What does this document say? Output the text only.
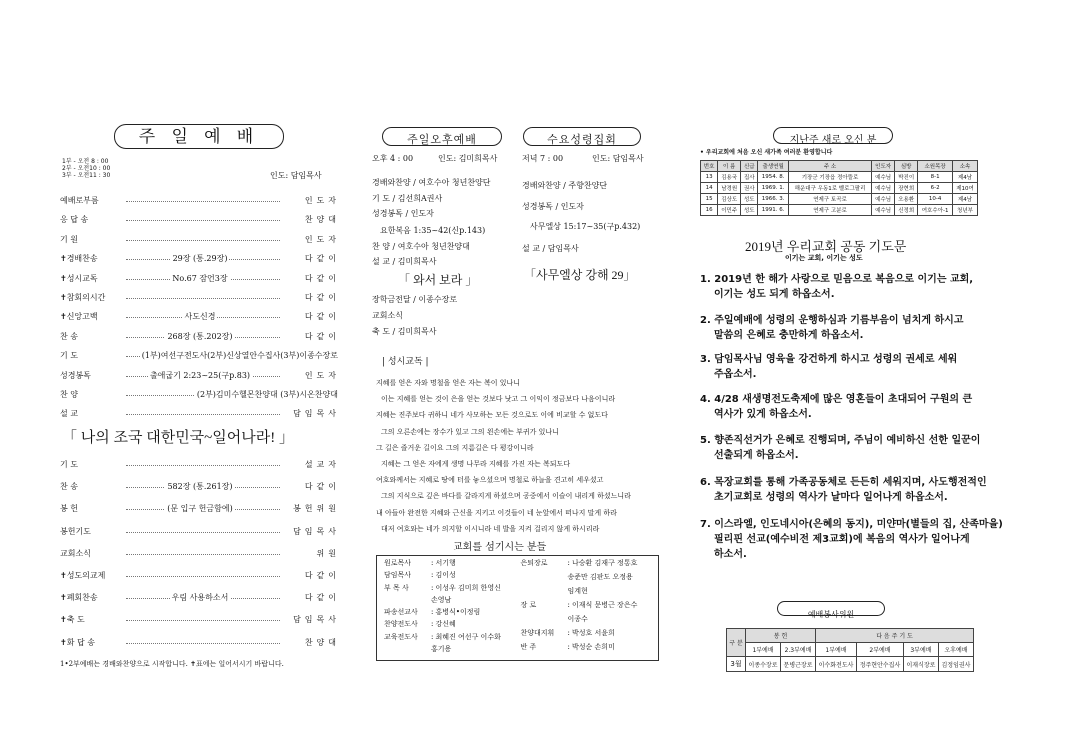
주 일 예 배
1부 - 오전 8 : 00
2부 - 오전10 : 00
3부 - 오전11 : 30	인도: 담임목사
예배로부름	인도자
응 답 송	찬양대
기 원	인도자
✝경배찬송	29장 (통.29장)	다같이
✝성시교독	No.67 잠언3장	다같이
✝참회의시간	다같이
✝신앙고백	사도신경	다같이
찬 송	268장 (통.202장)	다같이
기 도	(1부)여선구전도사(2부)신상열안수집사(3부)이종수장로
성경봉독	출애굽기 2:23~25(구p.83)	인도자
찬 양	(2부)김미수헬몬찬양대 (3부)시온찬양대
설 교	담임목사
「 나의 조국 대한민국~일어나라! 」
기 도	설교자
찬 송	582장 (통.261장)	다같이
봉 헌	(문 입구 헌금함에)	봉헌위원
봉헌기도	담임목사
교회소식	위원
✝성도의교제	다같이
✝폐회찬송	우림 사용하소서	다같이
✝축 도	담임목사
✝화 답 송	찬양대
1•2부예배는 경배와찬양으로 시작합니다. ✝표에는 일어서시기 바랍니다.
주일오후예배	수요성령집회
오후 4 : 00	인도: 김미희목사
경배와찬양 / 여호수아 청년찬양단
기 도 / 김선희A권사
성경봉독 / 인도자
요한복음 1:35~42(신p.143)
찬 양 / 여호수아 청년찬양대
설 교 / 김미희목사
「 와서 보라 」
장학금전달 / 이종수장로
교회소식
축 도 / 김미희목사
저녁 7 : 00	인도: 담임목사
경배와찬양 / 주향찬양단
성경봉독 / 인도자
사무엘상 15:17~35(구p.432)
설 교 / 담임목사
「사무엘상 강해 29」
| 성시교독 |
지혜를 얻은 자와 명철을 얻은 자는 복이 있나니
이는 지혜를 얻는 것이 은을 얻는 것보다 낫고 그 이익이 정금보다 나음이니라
지혜는 진주보다 귀하니 네가 사모하는 모든 것으로도 이에 비교할 수 없도다
그의 오른손에는 장수가 있고 그의 왼손에는 부귀가 있나니
그 길은 즐거운 길이요 그의 지름길은 다 평강이니라
지혜는 그 얻은 자에게 생명 나무라 지혜를 가진 자는 복되도다
여호와께서는 지혜로 땅에 터를 놓으셨으며 명철로 하늘을 견고히 세우셨고
그의 지식으로 깊은 바다를 갈라지게 하셨으며 공중에서 이슬이 내리게 하셨느니라
내 아들아 완전한 지혜와 근신을 지키고 이것들이 네 눈앞에서 떠나지 말게 하라
대저 여호와는 네가 의지할 이시니라 네 발을 지켜 걸리지 않게 하시리라
교회를 섬기시는 분들
원로목사	: 서기행
담임목사	: 김이성
부 목 사	: 이성우 김미희 한영신
	손영남
파송선교사	: 홍병식•이정림
찬양전도사	: 강신혜
교육전도사	: 최혜진 여선구 이수화
	홍기용
은퇴장로	: 나승환 김재구 정통호
	송준만 김판도 오정용
	임계현
장 로	: 이재식 문병근 장은수
	이종수
찬양대지휘	: 박성호 서윤희
반 주	: 박성순 손희미
지난주 새로 오신 분
• 우리교회에 처음 오신 새가족 여러분 환영합니다
번호	이 름	신급	출생연월	주 소	인도자	심방	소원목장	소속
13	김용국	집사	1954. 8.	기장군 기장읍 정아뜰로	예수님	박진이	8-1	제4남
14	남경원	권사	1969. 1.	해운대구 우동1로 벨로그팔리	예수님	장현희	6-2	제10여
15	김상도	성도	1966. 3.	연제구 토곡로	예수님	오용환	10-4	제4남
16	이민주	성도	1991. 6.	연제구 고분로	예수님	신정희	여호수아-1	청년부
2019년 우리교회 공동 기도문
이기는 교회, 이기는 성도
1. 2019년 한 해가 사랑으로 믿음으로 복음으로 이기는 교회,
이기는 성도 되게 하옵소서.
2. 주일예배에 성령의 운행하심과 기름부음이 넘치게 하시고
말씀의 은혜로 충만하게 하옵소서.
3. 담임목사님 영육을 강건하게 하시고 성령의 권세로 세워
주옵소서.
4. 4/28 새생명전도축제에 많은 영혼들이 초대되어 구원의 큰
역사가 있게 하옵소서.
5. 향존직선거가 은혜로 진행되며, 주님이 예비하신 선한 일꾼이
선출되게 하옵소서.
6. 목장교회를 통해 가족공동체로 든든히 세워지며, 사도행전적인
초기교회로 성령의 역사가 날마다 일어나게 하옵소서.
7. 이스라엘, 인도네시아(은혜의 동지), 미얀마(별들의 집, 산족마을)
필리핀 선교(예수비전 제3교회)에 복음의 역사가 일어나게
하소서.
예배봉사위원
구 분	봉 헌		다 음 주 기 도			
	1부예배	2.3부예배	1부예배	2부예배	3부예배	오후예배
3월	이종수장로	문병근장로	이수화전도사	정주현안수집사	이재식장로	김정임권사
